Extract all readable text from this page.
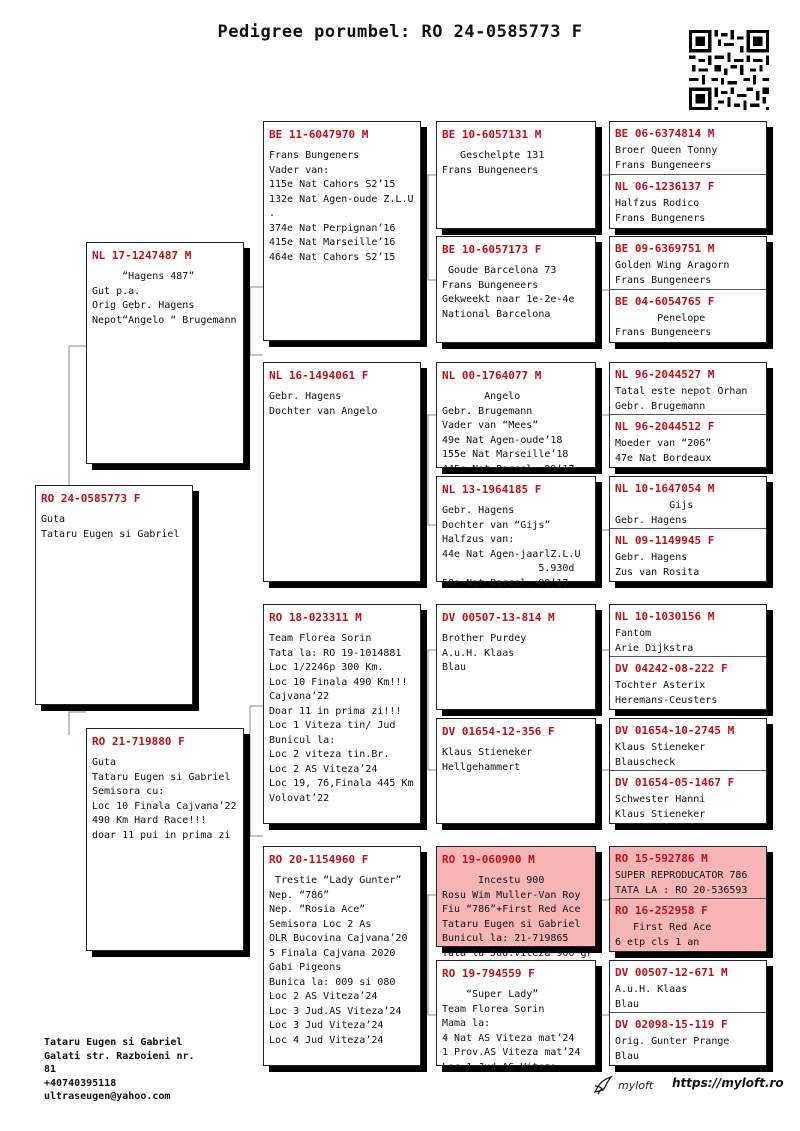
Pedigree porumbel: RO 24-0585773 F
RO 24-0585773 F
Guta
Tataru Eugen si Gabriel
NL 17-1247487 M
“Hagens 487”
Gut p.a.
Orig Gebr. Hagens
Nepot“Angelo “ Brugemann
RO 21-719880 F
Guta
Tataru Eugen si Gabriel
Semisora cu:
Loc 10 Finala Cajvana’22
490 Km Hard Race!!!
doar 11 pui in prima zi
BE 11-6047970 M
Frans Bungeners
Vader van:
115e Nat Cahors S2’15
132e Nat Agen-oude Z.L.U
.
374e Nat Perpignan’16
415e Nat Marseille’16
464e Nat Cahors S2’15
NL 16-1494061 F
Gebr. Hagens
Dochter van Angelo
RO 18-023311 M
Team Florea Sorin
Tata la: RO 19-1014881
Loc 1/2246p 300 Km.
Loc 10 Finala 490 Km!!!
Cajvana’22
Doar 11 in prima zi!!!
Loc 1 Viteza tin/ Jud
Bunicul la:
Loc 2 viteza tin.Br.
Loc 2 AS Viteza’24
Loc 19, 76,Finala 445 Km
Volovat’22
RO 20-1154960 F
Trestie “Lady Gunter”
Nep. “786”
Nep. “Rosia Ace”
Semisora Loc 2 As
OLR Bucovina Cajvana’20
5 Finala Cajvana 2020
Gabi Pigeons
Bunica la: 009 si 080
Loc 2 AS Viteza’24
Loc 3 Jud.AS Viteza’24
Loc 3 Jud Viteza’24
Loc 4 Jud Viteza’24
BE 10-6057131 M
Geschelpte 131
Frans Bungeneers
BE 10-6057173 F
Goude Barcelona 73
Frans Bungeneers
Gekweekt naar 1e-2e-4e
National Barcelona
NL 00-1764077 M
Angelo
Gebr. Brugemann
Vader van “Mees”
49e Nat Agen-oude’18
155e Nat Marseille’18
445e Nat Barcel. 99’17
NL 13-1964185 F
Gebr. Hagens
Dochter van “Gijs”
Halfzus van:
44e Nat Agen-jaarlZ.L.U
5.930d
58e Nat Barcel. 99’17
DV 00507-13-814 M
Brother Purdey
A.u.H. Klaas
Blau
DV 01654-12-356 F
Klaus Stieneker
Hellgehammert
RO 19-060900 M
Incestu 900
Rosu Wim Muller-Van Roy
Fiu “786”+First Red Ace
Tataru Eugen si Gabriel
Bunicul la: 21-719865
Tata la Jud.Viteza 900 gr
RO 19-794559 F
“Super Lady”
Team Florea Sorin
Mama la:
4 Nat AS Viteza mat’24
1 Prov.AS Viteza mat’24
Loc 1 Jud AS Viteza
BE 06-6374814 M
Broer Queen Tonny
Frans Bungeneers
NL 06-1236137 F
Halfzus Rodico
Frans Bungeners
BE 09-6369751 M
Golden Wing Aragorn
Frans Bungeneers
BE 04-6054765 F
Penelope
Frans Bungeneers
NL 96-2044527 M
Tatal este nepot Orhan
Gebr. Brugemann
NL 96-2044512 F
Moeder van “206”
47e Nat Bordeaux
NL 10-1647054 M
Gijs
Gebr. Hagens
NL 09-1149945 F
Gebr. Hagens
Zus van Rosita
NL 10-1030156 M
Fantom
Arie Dijkstra
DV 04242-08-222 F
Tochter Asterix
Heremans-Ceusters
DV 01654-10-2745 M
Klaus Stieneker
Blauscheck
DV 01654-05-1467 F
Schwester Hanni
Klaus Stieneker
RO 15-592786 M
SUPER REPRODUCATOR 786
TATA LA : RO 20-536593
RO 16-252958 F
First Red Ace
6 etp cls 1 an
DV 00507-12-671 M
A.u.H. Klaas
Blau
DV 02098-15-119 F
Orig. Gunter Prange
Blau
Tataru Eugen si Gabriel
Galati str. Razboieni nr.
81
+40740395118
ultraseugen@yahoo.com
myloft https://myloft.ro
